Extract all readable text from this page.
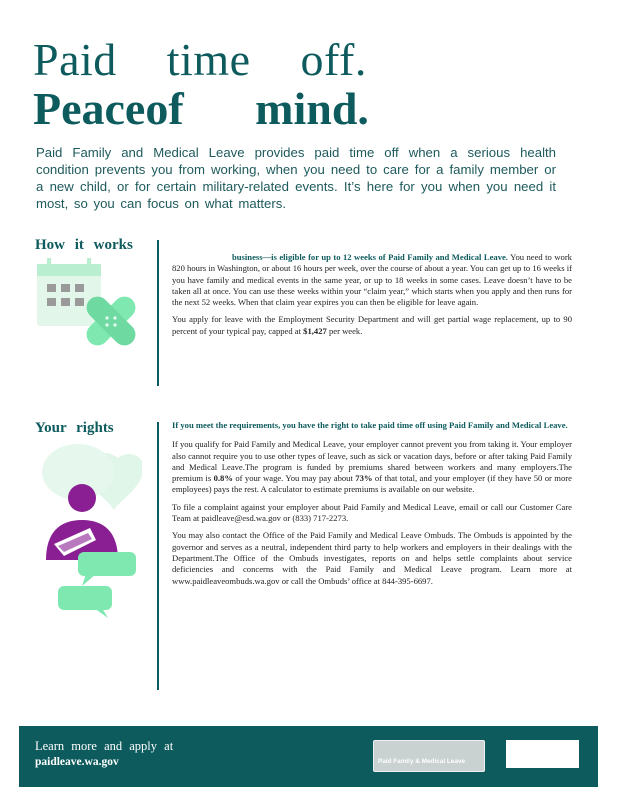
Paid time off.
Peaceof mind.
Paid Family and Medical Leave provides paid time off when a serious health condition prevents you from working, when you need to care for a family member or a new child, or for certain military-related events. It’s here for you when you need it most, so you can focus on what matters.
How it works

business—is eligible for up to 12 weeks of Paid Family and Medical Leave. You need to work 820 hours in Washington, or about 16 hours per week, over the course of about a year. You can get up to 16 weeks if you have family and medical events in the same year, or up to 18 weeks in some cases. Leave doesn’t have to be taken all at once. You can use these weeks within your “claim year,” which starts when you apply and then runs for the next 52 weeks. When that claim year expires you can then be eligible for leave again.

You apply for leave with the Employment Security Department and will get partial wage replacement, up to 90 percent of your typical pay, capped at $1,427 per week.

Your rights	If you meet the requirements, you have the right to take paid time off using Paid Family and Medical Leave.

If you qualify for Paid Family and Medical Leave, your employer cannot prevent you from taking it. Your employer also cannot require you to use other types of leave, such as sick or vacation days, before or after taking Paid Family and Medical Leave.The program is funded by premiums shared between workers and many employers.The premium is 0.8% of your wage. You may pay about 73% of that total, and your employer (if they have 50 or more employees) pays the rest. A calculator to estimate premiums is available on our website.

To file a complaint against your employer about Paid Family and Medical Leave, email or call our Customer Care Team at paidleave@esd.wa.gov or (833) 717-2273.

You may also contact the Office of the Paid Family and Medical Leave Ombuds. The Ombuds is appointed by the governor and serves as a neutral, independent third party to help workers and employers in their dealings with the Department.The Office of the Ombuds investigates, reports on and helps settle complaints about service deficiencies and concerns with the Paid Family and Medical Leave program. Learn more at www.paidleaveombuds.wa.gov or call the Ombuds’ office at 844-395-6697.

Learn more and apply at
paidleave.wa.gov	Paid Family & Medical Leave
